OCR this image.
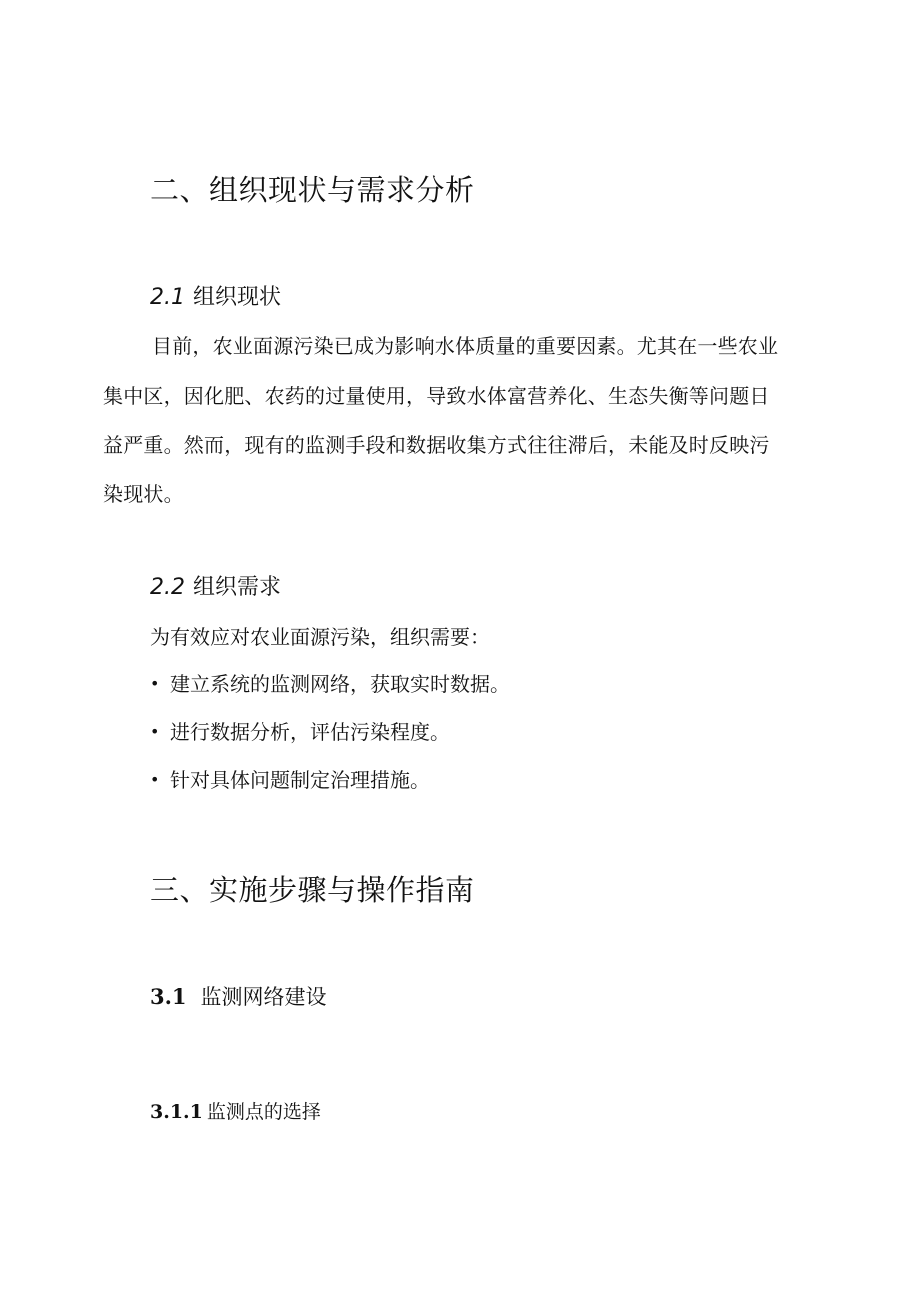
二、组织现状与需求分析
2.1 组织现状
目前，农业面源污染已成为影响水体质量的重要因素。尤其在一些农业
集中区，因化肥、农药的过量使用，导致水体富营养化、生态失衡等问题日
益严重。然而，现有的监测手段和数据收集方式往往滞后，未能及时反映污
染现状。
2.2 组织需求
为有效应对农业面源污染，组织需要：
• 建立系统的监测网络，获取实时数据。
• 进行数据分析，评估污染程度。
• 针对具体问题制定治理措施。
三、实施步骤与操作指南
3.1 监测网络建设
3.1.1 监测点的选择
